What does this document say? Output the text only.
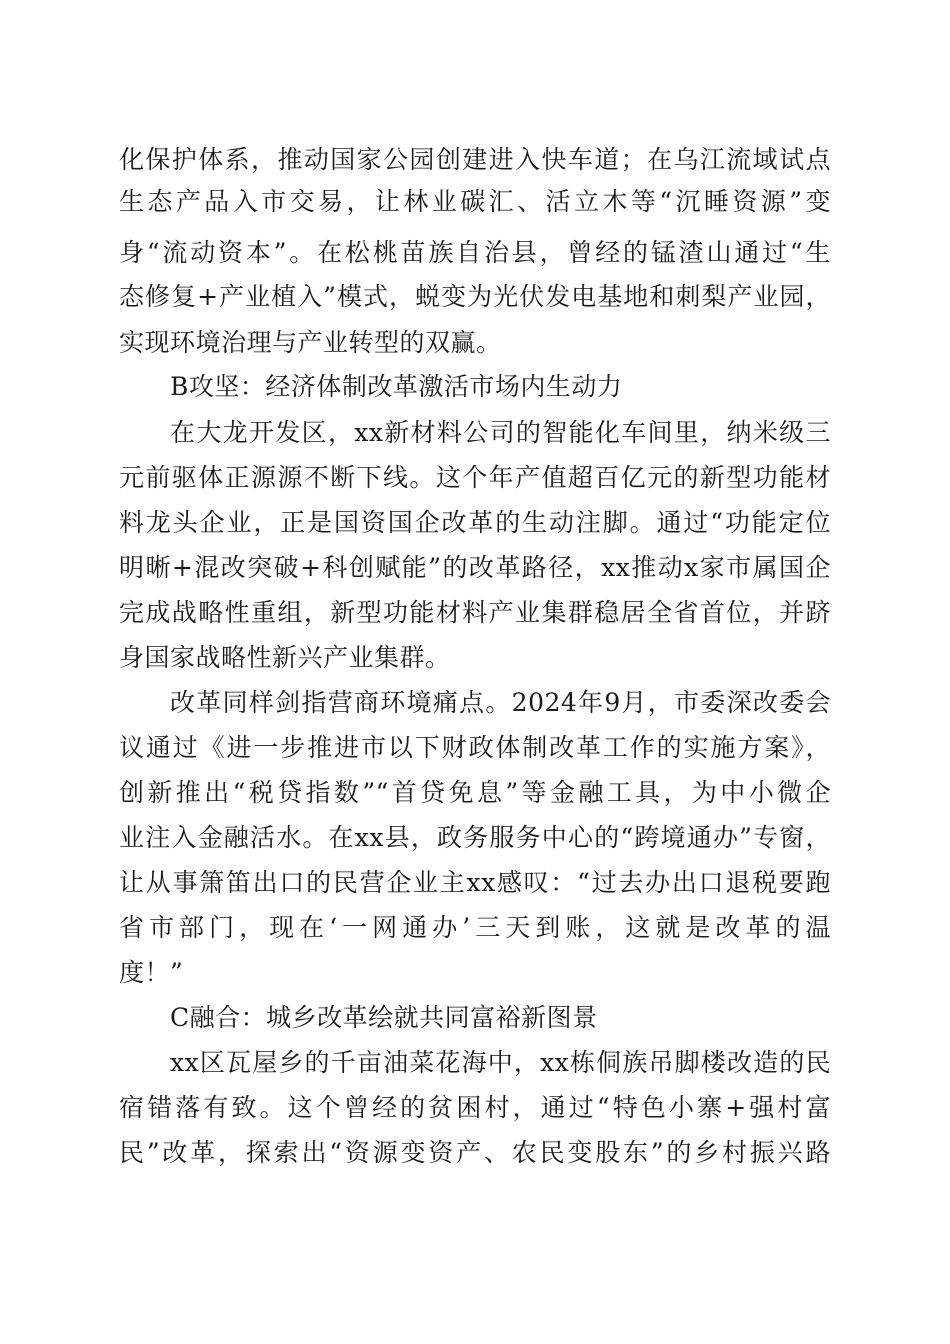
化保护体系，推动国家公园创建进入快车道；在乌江流域试点
生态产品入市交易，让林业碳汇、活立木等“沉睡资源”变
身“流动资本”。在松桃苗族自治县，曾经的锰渣山通过“生
态修复+产业植入”模式，蜕变为光伏发电基地和刺梨产业园，
实现环境治理与产业转型的双赢。
B攻坚：经济体制改革激活市场内生动力
在大龙开发区，xx新材料公司的智能化车间里，纳米级三
元前驱体正源源不断下线。这个年产值超百亿元的新型功能材
料龙头企业，正是国资国企改革的生动注脚。通过“功能定位
明晰+混改突破+科创赋能”的改革路径，xx推动x家市属国企
完成战略性重组，新型功能材料产业集群稳居全省首位，并跻
身国家战略性新兴产业集群。
改革同样剑指营商环境痛点。2024年9月，市委深改委会
议通过《进一步推进市以下财政体制改革工作的实施方案》，
创新推出“税贷指数”“首贷免息”等金融工具，为中小微企
业注入金融活水。在xx县，政务服务中心的“跨境通办”专窗，
让从事箫笛出口的民营企业主xx感叹：“过去办出口退税要跑
省市部门，现在‘一网通办’三天到账，这就是改革的温
度！”
C融合：城乡改革绘就共同富裕新图景
xx区瓦屋乡的千亩油菜花海中，xx栋侗族吊脚楼改造的民
宿错落有致。这个曾经的贫困村，通过“特色小寨+强村富
民”改革，探索出“资源变资产、农民变股东”的乡村振兴路
